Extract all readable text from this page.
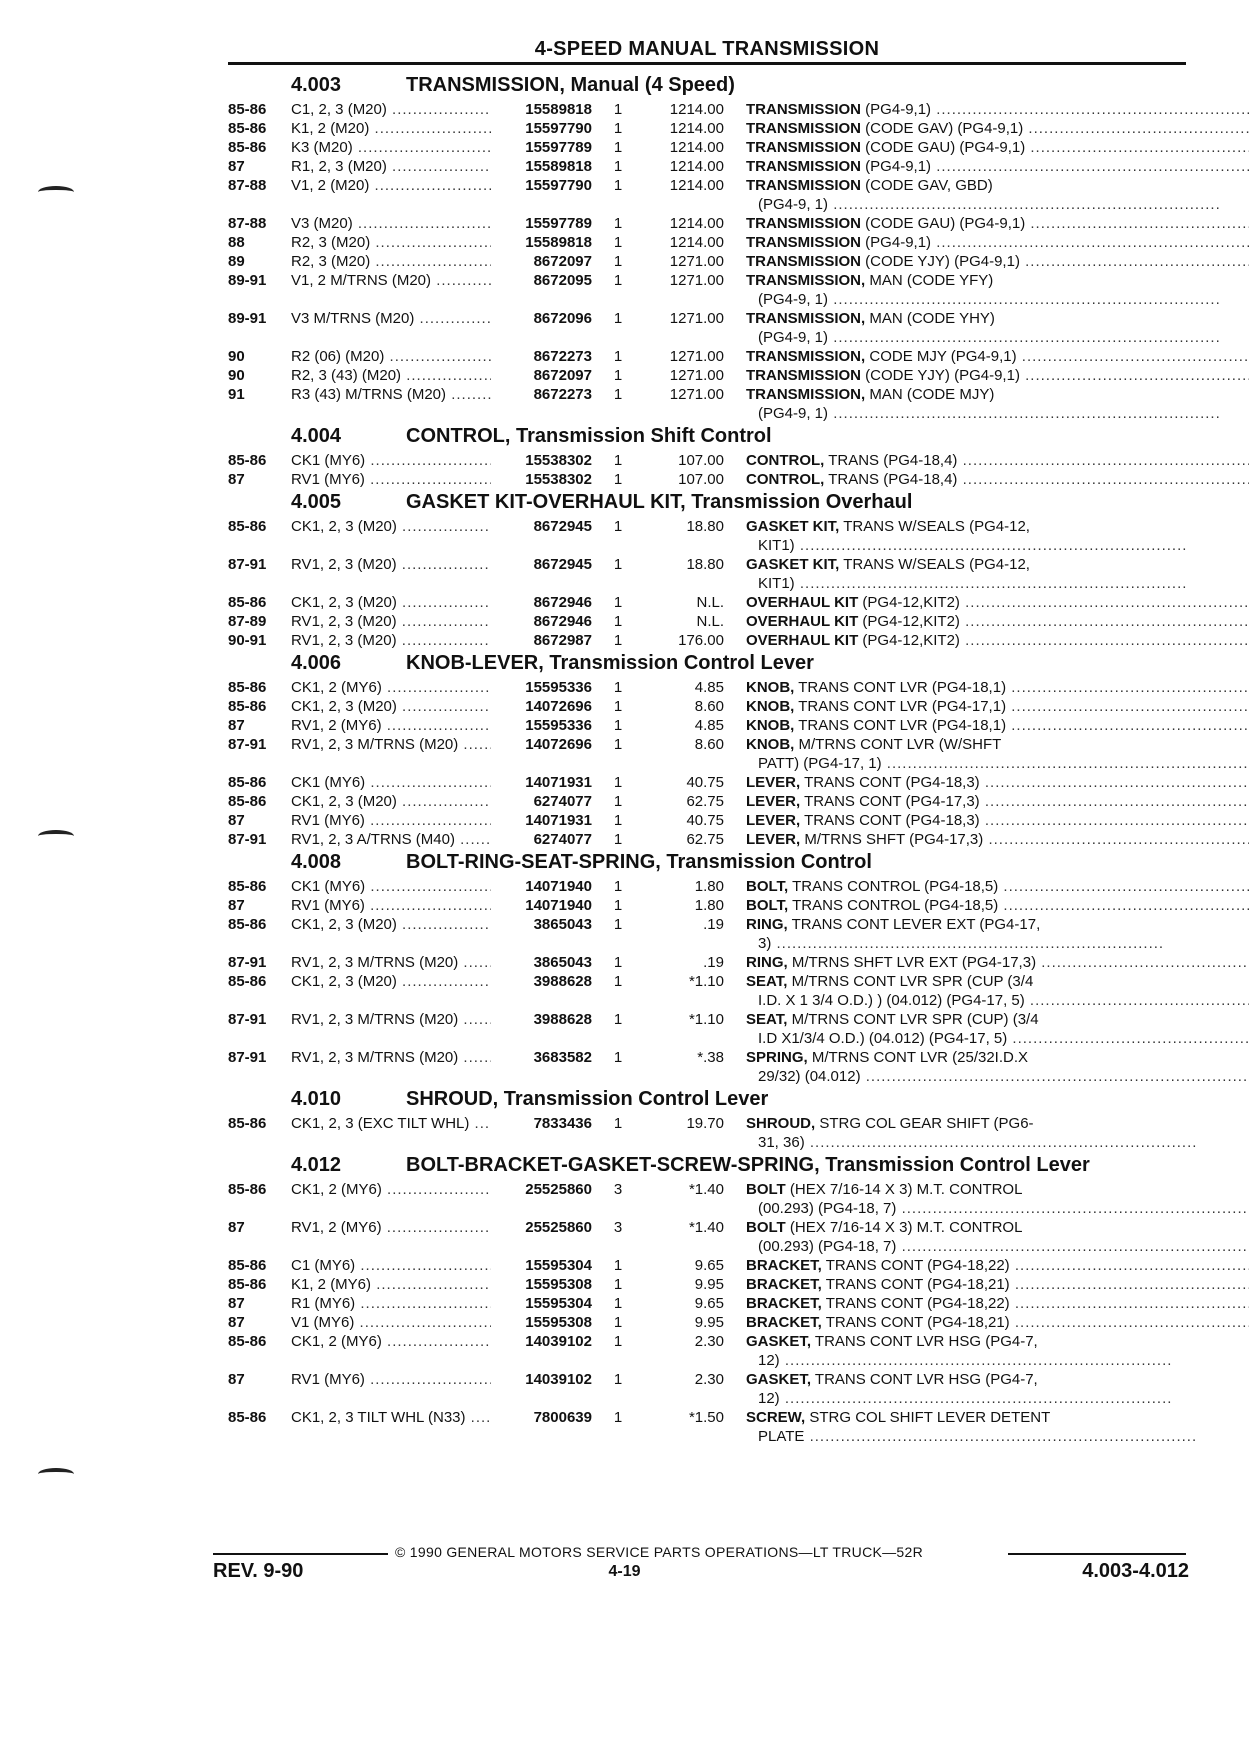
4-SPEED MANUAL TRANSMISSION
4.003	TRANSMISSION, Manual (4 Speed)
85-86	C1, 2, 3 (M20) .....	15589818	1	1214.00 TRANSMISSION (PG4-9,1) .....
85-86	K1, 2 (M20) .....	15597790	1	1214.00 TRANSMISSION (CODE GAV) (PG4-9,1) .....
85-86	K3 (M20) .....	15597789	1	1214.00 TRANSMISSION (CODE GAU) (PG4-9,1) .....
87	R1, 2, 3 (M20) .....	15589818	1	1214.00 TRANSMISSION (PG4-9,1) .....
87-88	V1, 2 (M20) .....	15597790	1	1214.00 TRANSMISSION (CODE GAV, GBD)
(PG4-9, 1) .....
87-88	V3 (M20) .....	15597789	1	1214.00 TRANSMISSION (CODE GAU) (PG4-9,1) .....
88	R2, 3 (M20) .....	15589818	1	1214.00 TRANSMISSION (PG4-9,1) .....
89	R2, 3 (M20) .....	8672097	1	1271.00 TRANSMISSION (CODE YJY) (PG4-9,1) .....
89-91	V1, 2 M/TRNS (M20) .....	8672095	1	1271.00 TRANSMISSION, MAN (CODE YFY)
(PG4-9, 1) .....
89-91	V3 M/TRNS (M20) .....	8672096	1	1271.00 TRANSMISSION, MAN (CODE YHY)
(PG4-9, 1) .....
90	R2 (06) (M20) .....	8672273	1	1271.00 TRANSMISSION, CODE MJY (PG4-9,1) .....
90	R2, 3 (43) (M20) .....	8672097	1	1271.00 TRANSMISSION (CODE YJY) (PG4-9,1) .....
91	R3 (43) M/TRNS (M20) .....	8672273	1	1271.00 TRANSMISSION, MAN (CODE MJY)
(PG4-9, 1) .....
4.004	CONTROL, Transmission Shift Control
85-86	CK1 (MY6) .....	15538302	1	107.00 CONTROL, TRANS (PG4-18,4) .....
87	RV1 (MY6) .....	15538302	1	107.00 CONTROL, TRANS (PG4-18,4) .....
4.005	GASKET KIT-OVERHAUL KIT, Transmission Overhaul
85-86	CK1, 2, 3 (M20) .....	8672945	1	18.80 GASKET KIT, TRANS W/SEALS (PG4-12,
KIT1) .....
87-91	RV1, 2, 3 (M20) .....	8672945	1	18.80 GASKET KIT, TRANS W/SEALS (PG4-12,
KIT1) .....
85-86	CK1, 2, 3 (M20) .....	8672946	1	N.L. OVERHAUL KIT (PG4-12,KIT2) .....
87-89	RV1, 2, 3 (M20) .....	8672946	1	N.L. OVERHAUL KIT (PG4-12,KIT2) .....
90-91	RV1, 2, 3 (M20) .....	8672987	1	176.00 OVERHAUL KIT (PG4-12,KIT2) .....
4.006	KNOB-LEVER, Transmission Control Lever
85-86	CK1, 2 (MY6) .....	15595336	1	4.85 KNOB, TRANS CONT LVR (PG4-18,1) .....
85-86	CK1, 2, 3 (M20) .....	14072696	1	8.60 KNOB, TRANS CONT LVR (PG4-17,1) .....
87	RV1, 2 (MY6) .....	15595336	1	4.85 KNOB, TRANS CONT LVR (PG4-18,1) .....
87-91	RV1, 2, 3 M/TRNS (M20) .....	14072696	1	8.60 KNOB, M/TRNS CONT LVR (W/SHFT
PATT) (PG4-17, 1) .....
85-86	CK1 (MY6) .....	14071931	1	40.75 LEVER, TRANS CONT (PG4-18,3) .....
85-86	CK1, 2, 3 (M20) .....	6274077	1	62.75 LEVER, TRANS CONT (PG4-17,3) .....
87	RV1 (MY6) .....	14071931	1	40.75 LEVER, TRANS CONT (PG4-18,3) .....
87-91	RV1, 2, 3 A/TRNS (M40) .....	6274077	1	62.75 LEVER, M/TRNS SHFT (PG4-17,3) .....
4.008	BOLT-RING-SEAT-SPRING, Transmission Control
85-86	CK1 (MY6) .....	14071940	1	1.80 BOLT, TRANS CONTROL (PG4-18,5) .....
87	RV1 (MY6) .....	14071940	1	1.80 BOLT, TRANS CONTROL (PG4-18,5) .....
85-86	CK1, 2, 3 (M20) .....	3865043	1	.19 RING, TRANS CONT LEVER EXT (PG4-17,
3) .....
87-91	RV1, 2, 3 M/TRNS (M20) .....	3865043	1	.19 RING, M/TRNS SHFT LVR EXT (PG4-17,3) .....
85-86	CK1, 2, 3 (M20) .....	3988628	1	*1.10 SEAT, M/TRNS CONT LVR SPR (CUP (3/4
I.D. X 1 3/4 O.D.) ) (04.012) (PG4-17, 5) .....
87-91	RV1, 2, 3 M/TRNS (M20) .....	3988628	1	*1.10 SEAT, M/TRNS CONT LVR SPR (CUP) (3/4
I.D X1/3/4 O.D.) (04.012) (PG4-17, 5) .....
87-91	RV1, 2, 3 M/TRNS (M20) .....	3683582	1	*.38 SPRING, M/TRNS CONT LVR (25/32I.D.X
29/32) (04.012) .....
4.010	SHROUD, Transmission Control Lever
85-86	CK1, 2, 3 (EXC TILT WHL) .....	7833436	1	19.70 SHROUD, STRG COL GEAR SHIFT (PG6-
31, 36) .....
4.012	BOLT-BRACKET-GASKET-SCREW-SPRING, Transmission Control Lever
85-86	CK1, 2 (MY6) .....	25525860	3	*1.40 BOLT (HEX 7/16-14 X 3) M.T. CONTROL
(00.293) (PG4-18, 7) .....
87	RV1, 2 (MY6) .....	25525860	3	*1.40 BOLT (HEX 7/16-14 X 3) M.T. CONTROL
(00.293) (PG4-18, 7) .....
85-86	C1 (MY6) .....	15595304	1	9.65 BRACKET, TRANS CONT (PG4-18,22) .....
85-86	K1, 2 (MY6) .....	15595308	1	9.95 BRACKET, TRANS CONT (PG4-18,21) .....
87	R1 (MY6) .....	15595304	1	9.65 BRACKET, TRANS CONT (PG4-18,22) .....
87	V1 (MY6) .....	15595308	1	9.95 BRACKET, TRANS CONT (PG4-18,21) .....
85-86	CK1, 2 (MY6) .....	14039102	1	2.30 GASKET, TRANS CONT LVR HSG (PG4-7,
12) .....
87	RV1 (MY6) .....	14039102	1	2.30 GASKET, TRANS CONT LVR HSG (PG4-7,
12) .....
85-86	CK1, 2, 3 TILT WHL (N33) .....	7800639	1	*1.50 SCREW, STRG COL SHIFT LEVER DETENT
PLATE .....
© 1990 GENERAL MOTORS SERVICE PARTS OPERATIONS—LT TRUCK—52R
REV. 9-90	4-19	4.003-4.012
